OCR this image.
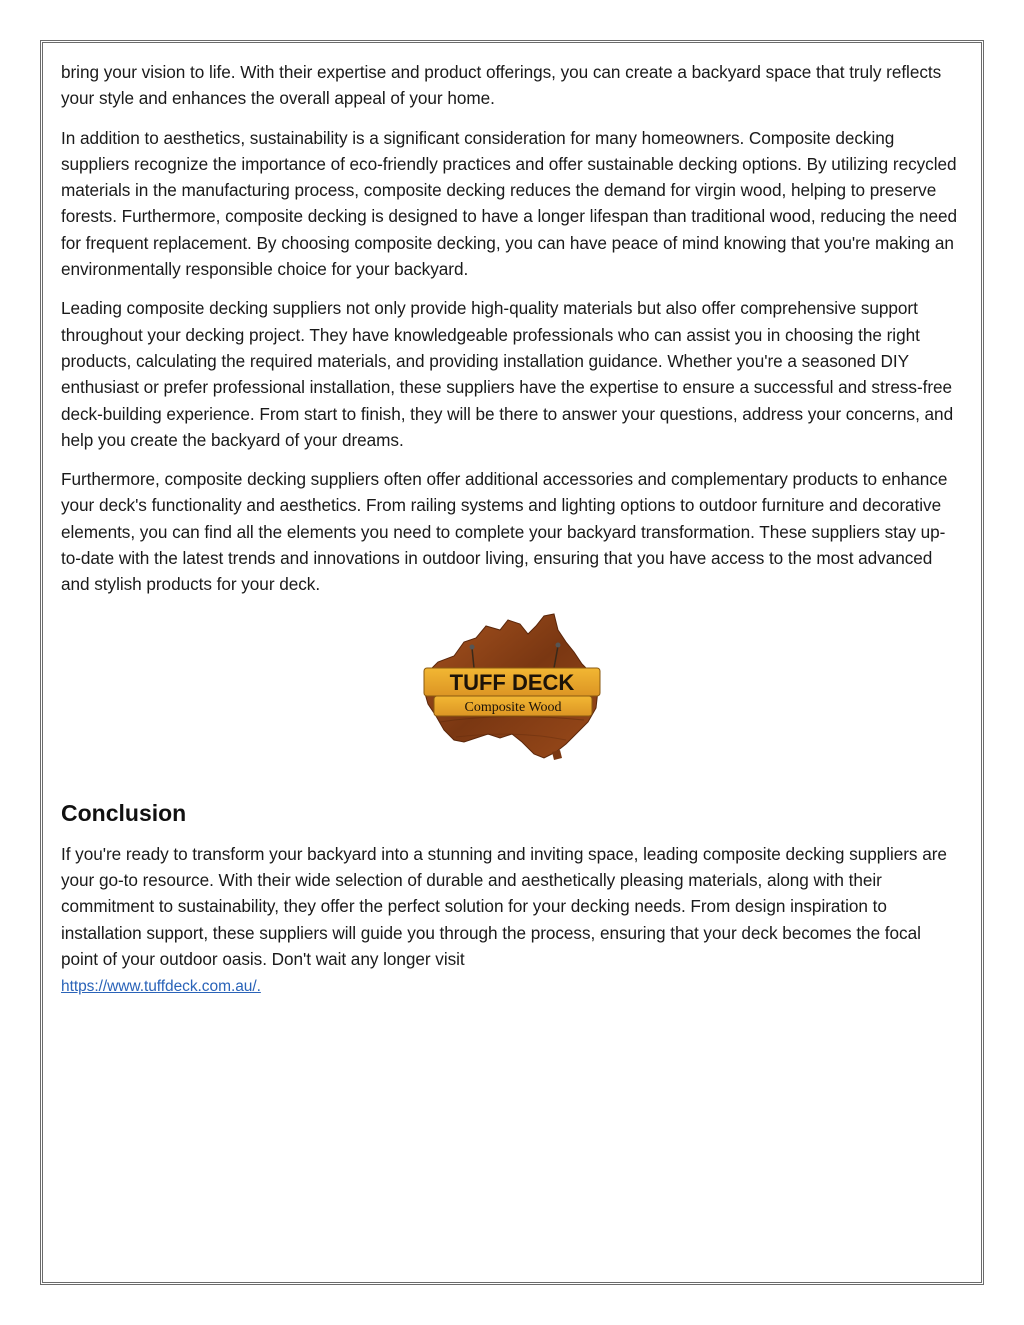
bring your vision to life. With their expertise and product offerings, you can create a backyard space that truly reflects your style and enhances the overall appeal of your home.

In addition to aesthetics, sustainability is a significant consideration for many homeowners. Composite decking suppliers recognize the importance of eco-friendly practices and offer sustainable decking options. By utilizing recycled materials in the manufacturing process, composite decking reduces the demand for virgin wood, helping to preserve forests. Furthermore, composite decking is designed to have a longer lifespan than traditional wood, reducing the need for frequent replacement. By choosing composite decking, you can have peace of mind knowing that you're making an environmentally responsible choice for your backyard.

Leading composite decking suppliers not only provide high-quality materials but also offer comprehensive support throughout your decking project. They have knowledgeable professionals who can assist you in choosing the right products, calculating the required materials, and providing installation guidance. Whether you're a seasoned DIY enthusiast or prefer professional installation, these suppliers have the expertise to ensure a successful and stress-free deck-building experience. From start to finish, they will be there to answer your questions, address your concerns, and help you create the backyard of your dreams.

Furthermore, composite decking suppliers often offer additional accessories and complementary products to enhance your deck's functionality and aesthetics. From railing systems and lighting options to outdoor furniture and decorative elements, you can find all the elements you need to complete your backyard transformation. These suppliers stay up-to-date with the latest trends and innovations in outdoor living, ensuring that you have access to the most advanced and stylish products for your deck.

TUFF DECK
Composite Wood
Conclusion

If you're ready to transform your backyard into a stunning and inviting space, leading composite decking suppliers are your go-to resource. With their wide selection of durable and aesthetically pleasing materials, along with their commitment to sustainability, they offer the perfect solution for your decking needs. From design inspiration to installation support, these suppliers will guide you through the process, ensuring that your deck becomes the focal point of your outdoor oasis. Don't wait any longer visit
https://www.tuffdeck.com.au/.
